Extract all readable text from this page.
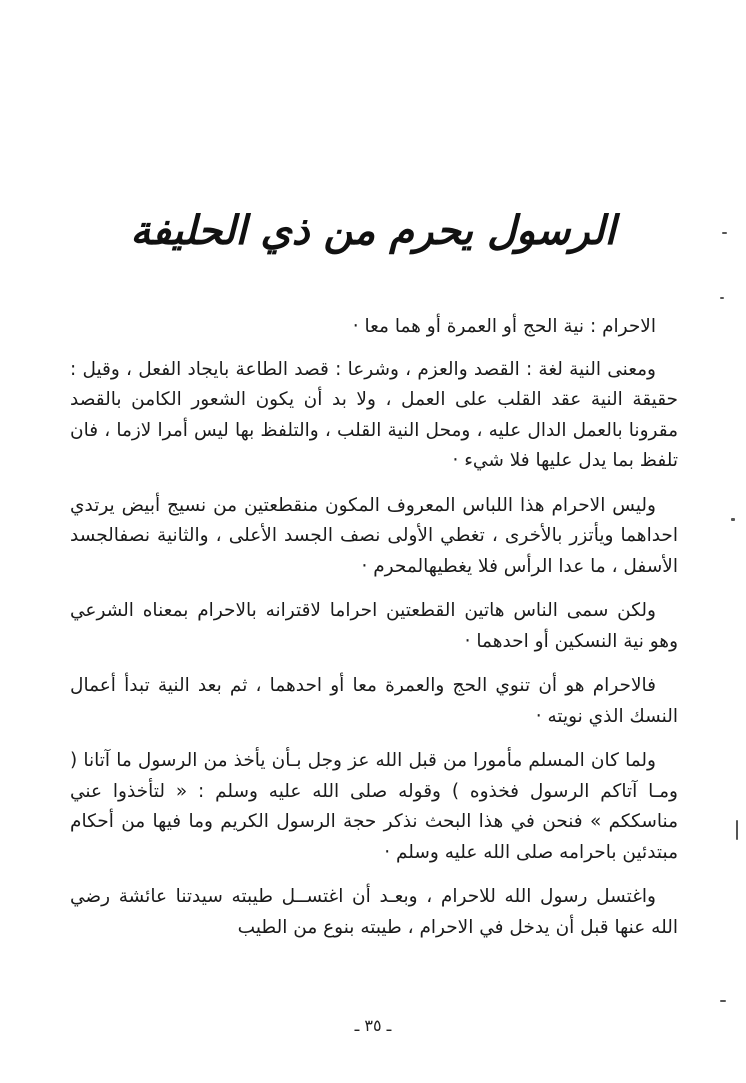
الرسول يحرم من ذي الحليفة

الاحرام : نية الحج أو العمرة أو هما معا ·

ومعنى النية لغة : القصد والعزم ، وشرعا : قصد الطاعة بايجاد الفعل ، وقيل : حقيقة النية عقد القلب على العمل ، ولا بد أن يكون الشعور الكامن بالقصد مقرونا بالعمل الدال عليه ، ومحل النية القلب ، والتلفظ بها ليس أمرا لازما ، فان تلفظ بما يدل عليها فلا شيء ·

وليس الاحرام هذا اللباس المعروف المكون منقطعتين من نسيج أبيض يرتدي احداهما ويأتزر بالأخرى ، تغطي الأولى نصف الجسد الأعلى ، والثانية نصفالجسد الأسفل ، ما عدا الرأس فلا يغطيهالمحرم ·

ولكن سمى الناس هاتين القطعتين احراما لاقترانه بالاحرام بمعناه الشرعي وهو نية النسكين أو احدهما ·

فالاحرام هو أن تنوي الحج والعمرة معا أو احدهما ، ثم بعد النية تبدأ أعمال النسك الذي نويته ·

ولما كان المسلم مأمورا من قبل الله عز وجل بـأن يأخذ من الرسول ما آتانا ( ومـا آتاكم الرسول فخذوه ) وقوله صلى الله عليه وسلم : « لتأخذوا عني مناسككم » فنحن في هذا البحث نذكر حجة الرسول الكريم وما فيها من أحكام مبتدئين باحرامه صلى الله عليه وسلم ·

واغتسل رسول الله للاحرام ، وبعـد أن اغتســل طيبته سيدتنا عائشة رضي الله عنها قبل أن يدخل في الاحرام ، طيبته بنوع من الطيب

ـ ٣٥ ـ
